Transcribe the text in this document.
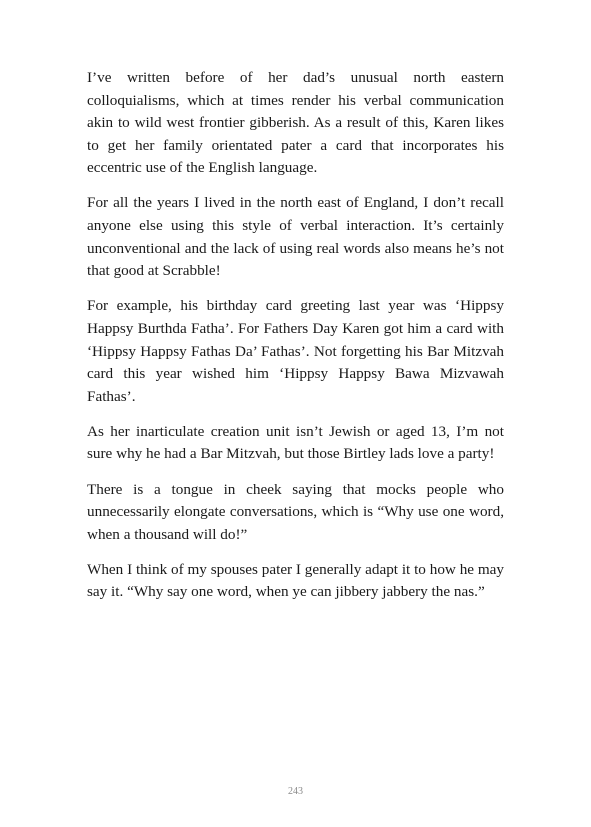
I’ve written before of her dad’s unusual north eastern colloquialisms, which at times render his verbal communication akin to wild west frontier gibberish. As a result of this, Karen likes to get her family orientated pater a card that incorporates his eccentric use of the English language.

For all the years I lived in the north east of England, I don’t recall anyone else using this style of verbal interaction. It’s certainly unconventional and the lack of using real words also means he’s not that good at Scrabble!

For example, his birthday card greeting last year was ‘Hippsy Happsy Burthda Fatha’. For Fathers Day Karen got him a card with ‘Hippsy Happsy Fathas Da’ Fathas’. Not forgetting his Bar Mitzvah card this year wished him ‘Hippsy Happsy Bawa Mizvawah Fathas’.

As her inarticulate creation unit isn’t Jewish or aged 13, I’m not sure why he had a Bar Mitzvah, but those Birtley lads love a party!

There is a tongue in cheek saying that mocks people who unnecessarily elongate conversations, which is “Why use one word, when a thousand will do!”

When I think of my spouses pater I generally adapt it to how he may say it. “Why say one word, when ye can jibbery jabbery the nas.”

243
